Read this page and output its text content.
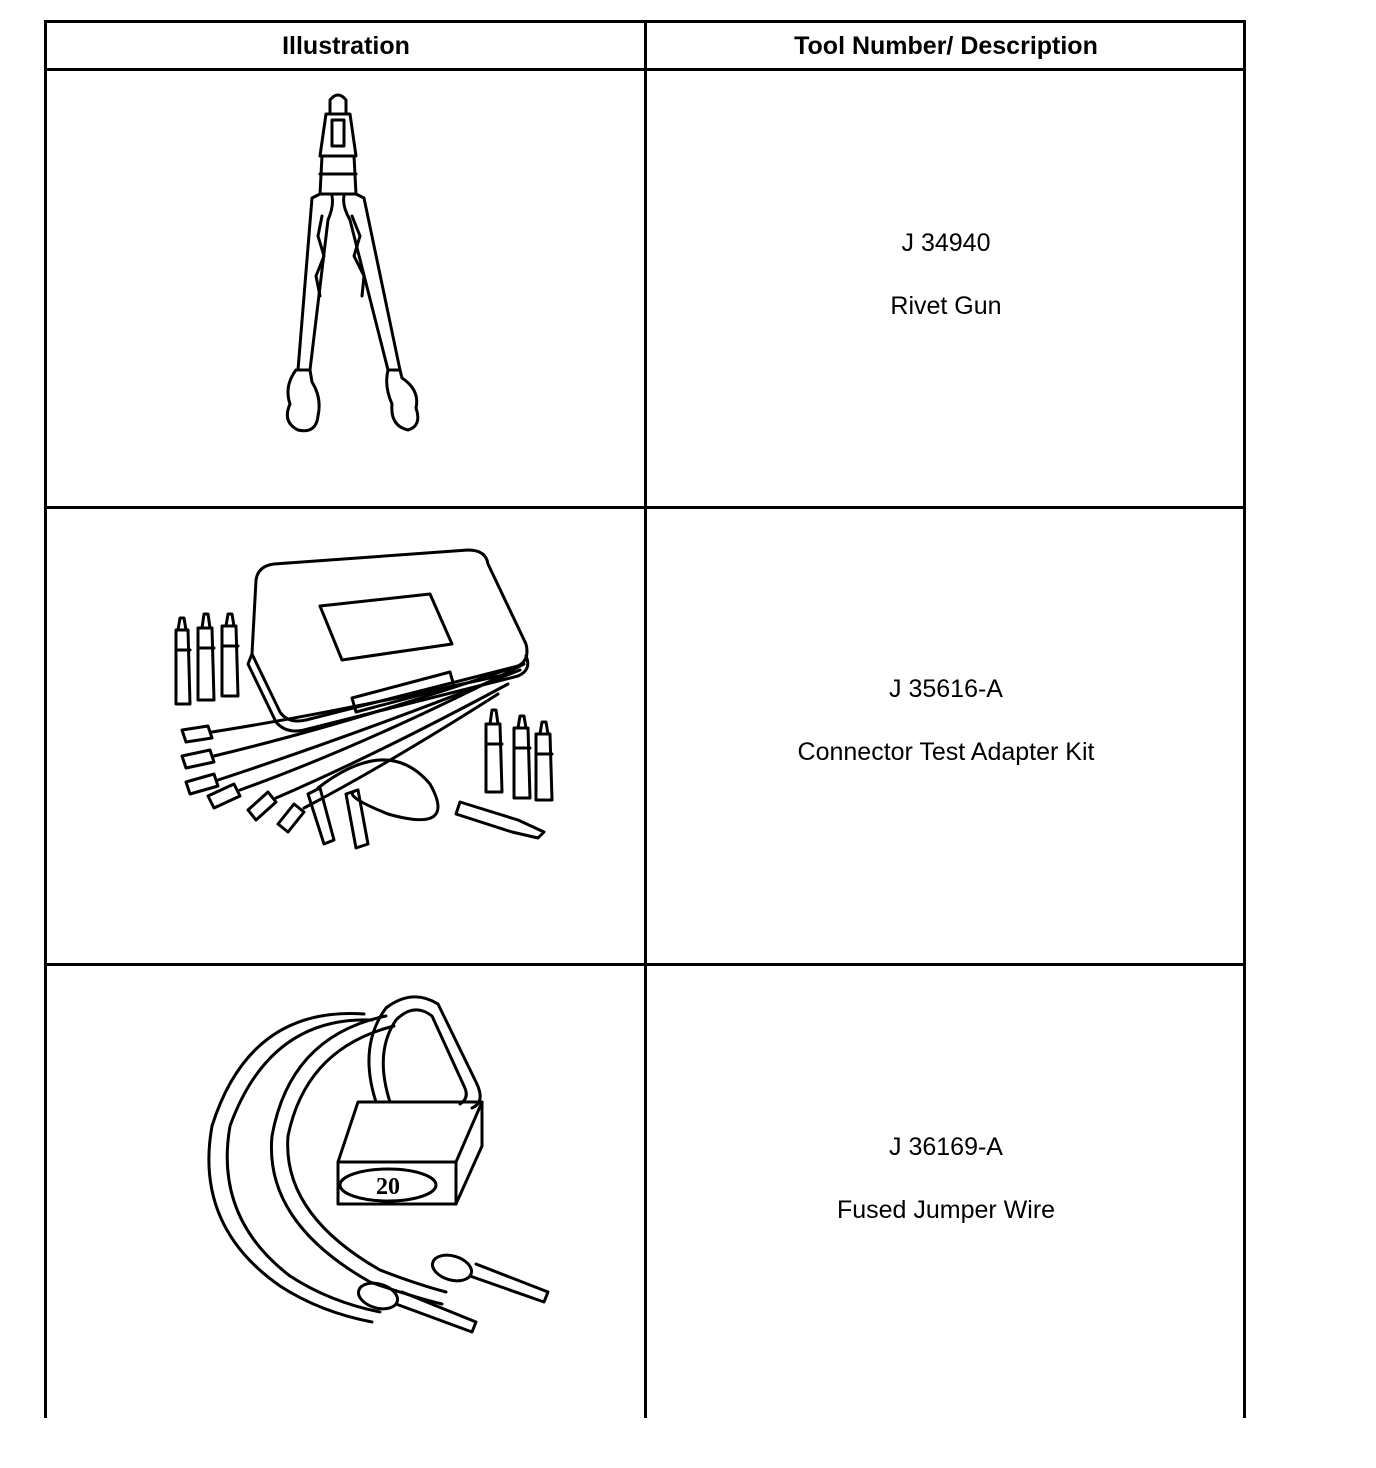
Illustration	Tool Number/ Description
J 34940
Rivet Gun
J 35616-A
Connector Test Adapter Kit
20
J 36169-A
Fused Jumper Wire
